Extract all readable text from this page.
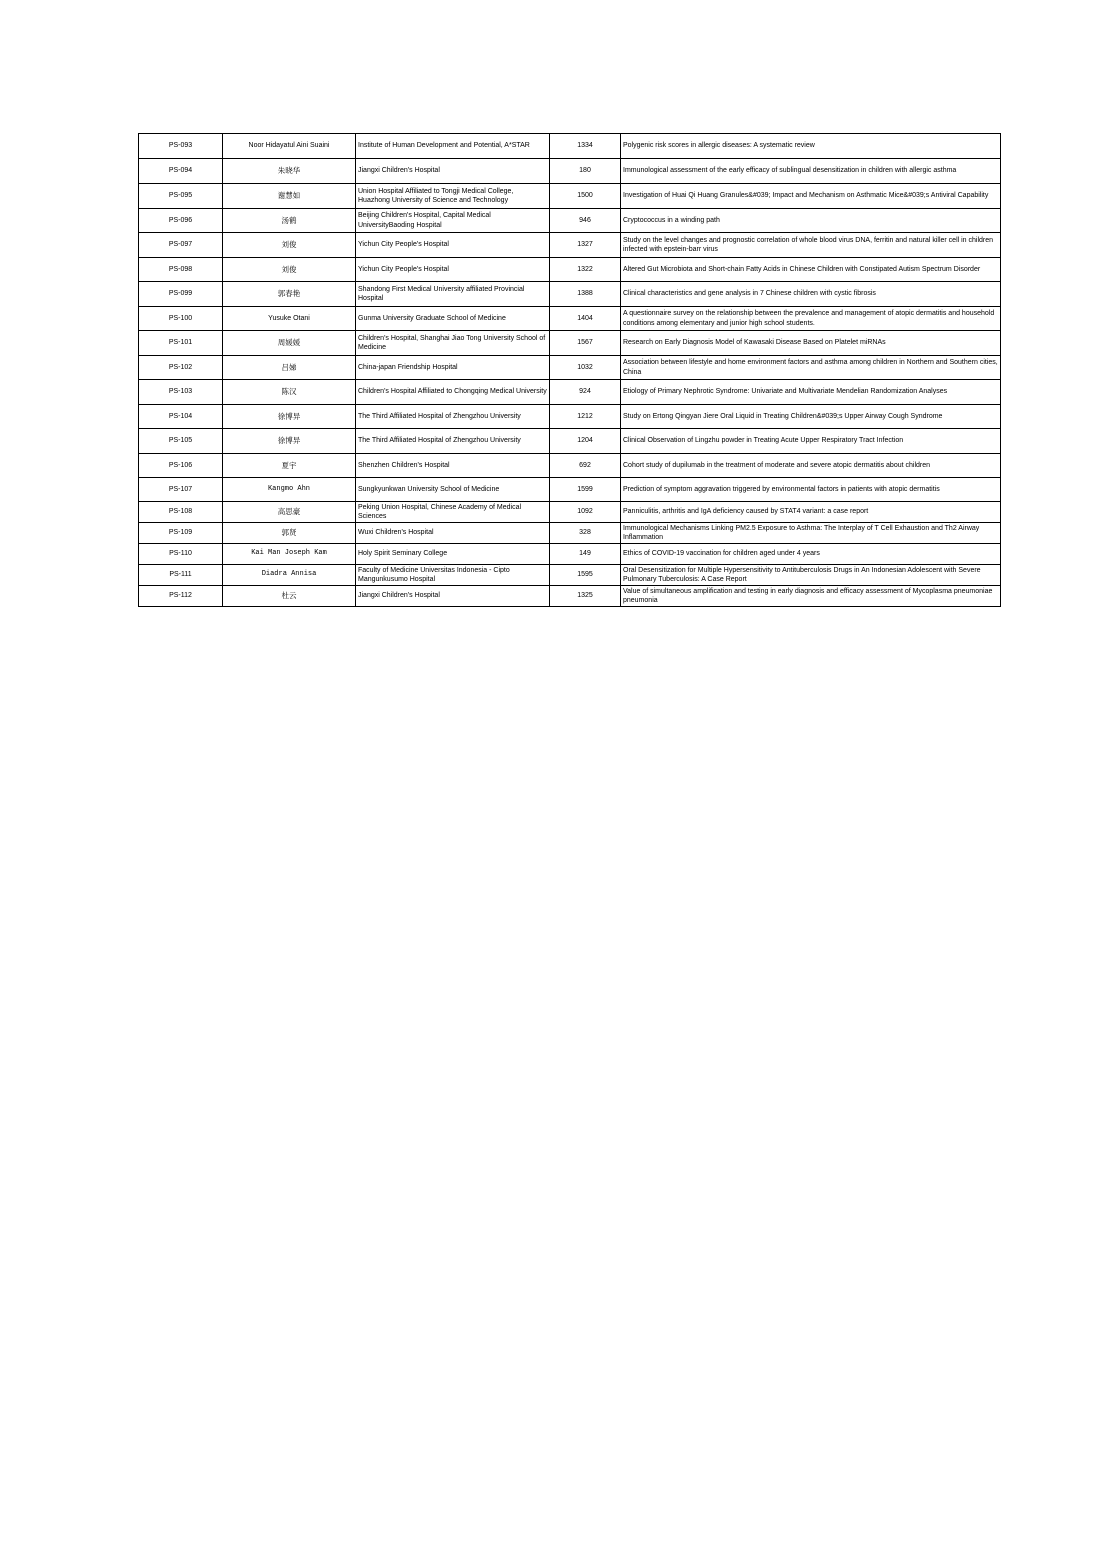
PS-093	Noor Hidayatul Aini Suaini	Institute of Human Development and Potential, A*STAR	1334	Polygenic risk scores in allergic diseases: A systematic review
PS-094	朱晓华	Jiangxi Children's Hospital	180	Immunological assessment of the early efficacy of sublingual desensitization in children with allergic asthma
PS-095	谢慧如	Union Hospital Affiliated to Tongji Medical College, Huazhong University of Science and Technology	1500	Investigation of Huai Qi Huang Granules&#039; Impact and Mechanism on Asthmatic Mice&#039;s Antiviral Capability
PS-096	汤鹤	Beijing Children's Hospital, Capital Medical UniversityBaoding Hospital	946	Cryptococcus in a winding path
PS-097	刘俊	Yichun City People's Hospital	1327	Study on the level changes and prognostic correlation of whole blood virus DNA, ferritin and natural killer cell in children infected with epstein-barr virus
PS-098	刘俊	Yichun City People's Hospital	1322	Altered Gut Microbiota and Short-chain Fatty Acids in Chinese Children with Constipated Autism Spectrum Disorder
PS-099	郭春艳	Shandong First Medical University affiliated Provincial Hospital	1388	Clinical characteristics and gene analysis in 7 Chinese children with cystic fibrosis
PS-100	Yusuke Otani	Gunma University Graduate School of Medicine	1404	A questionnaire survey on the relationship between the prevalence and management of atopic dermatitis and household conditions among elementary and junior high school students.
PS-101	周媛媛	Children's Hospital, Shanghai Jiao Tong University School of Medicine	1567	Research on Early Diagnosis Model of Kawasaki Disease Based on Platelet miRNAs
PS-102	吕娣	China-japan Friendship Hospital	1032	Association between lifestyle and home environment factors and asthma among children in Northern and Southern cities, China
PS-103	陈汉	Children's Hospital Affiliated to Chongqing Medical University	924	Etiology of Primary Nephrotic Syndrome: Univariate and Multivariate Mendelian Randomization Analyses
PS-104	徐博异	The Third Affiliated Hospital of Zhengzhou University	1212	Study on Ertong Qingyan Jiere Oral Liquid in Treating Children&#039;s Upper Airway Cough Syndrome
PS-105	徐博异	The Third Affiliated Hospital of Zhengzhou University	1204	Clinical Observation of Lingzhu powder in Treating Acute Upper Respiratory Tract Infection
PS-106	夏宇	Shenzhen Children's Hospital	692	Cohort study of dupilumab in the treatment of moderate and severe atopic dermatitis about children
PS-107	Kangmo Ahn	Sungkyunkwan University School of Medicine	1599	Prediction of symptom aggravation triggered by environmental factors in patients with atopic dermatitis
PS-108	高思豪	Peking Union Hospital, Chinese Academy of Medical Sciences	1092	Panniculitis, arthritis and IgA deficiency caused by STAT4 variant: a case report
PS-109	郭贤	Wuxi Children's Hospital	328	Immunological Mechanisms Linking PM2.5 Exposure to Asthma: The Interplay of T Cell Exhaustion and Th2 Airway Inflammation
PS-110	Kai Man Joseph Kam	Holy Spirit Seminary College	149	Ethics of COVID-19 vaccination for children aged under 4 years
PS-111	Diadra Annisa	Faculty of Medicine Universitas Indonesia - Cipto Mangunkusumo Hospital	1595	Oral Desensitization for Multiple Hypersensitivity to Antituberculosis Drugs in An Indonesian Adolescent with Severe Pulmonary Tuberculosis: A Case Report
PS-112	杜云	Jiangxi Children's Hospital	1325	Value of simultaneous amplification and testing in early diagnosis and efficacy assessment of Mycoplasma pneumoniae pneumonia
